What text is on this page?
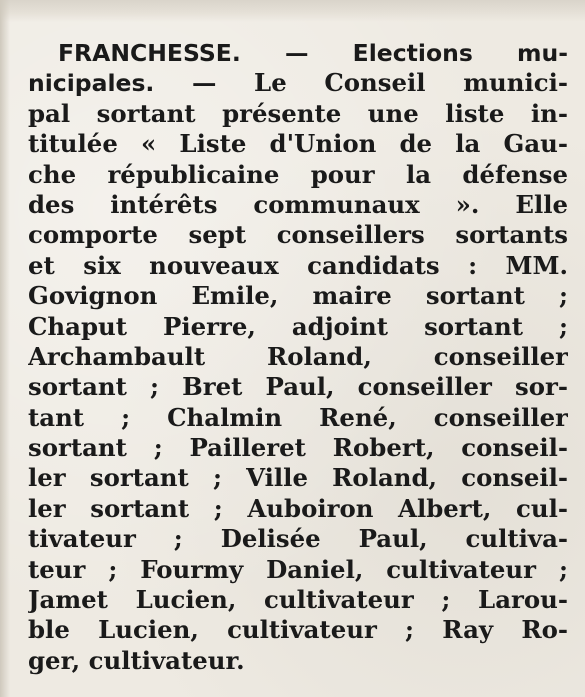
FRANCHESSE. — Elections mu-
nicipales. — Le Conseil munici-
pal sortant présente une liste in-
titulée « Liste d'Union de la Gau-
che républicaine pour la défense
des intérêts communaux ». Elle
comporte sept conseillers sortants
et six nouveaux candidats : MM.
Govignon Emile, maire sortant ;
Chaput Pierre, adjoint sortant ;
Archambault Roland, conseiller
sortant ; Bret Paul, conseiller sor-
tant ; Chalmin René, conseiller
sortant ; Pailleret Robert, conseil-
ler sortant ; Ville Roland, conseil-
ler sortant ; Auboiron Albert, cul-
tivateur ; Delisée Paul, cultiva-
teur ; Fourmy Daniel, cultivateur ;
Jamet Lucien, cultivateur ; Larou-
ble Lucien, cultivateur ; Ray Ro-
ger, cultivateur.
